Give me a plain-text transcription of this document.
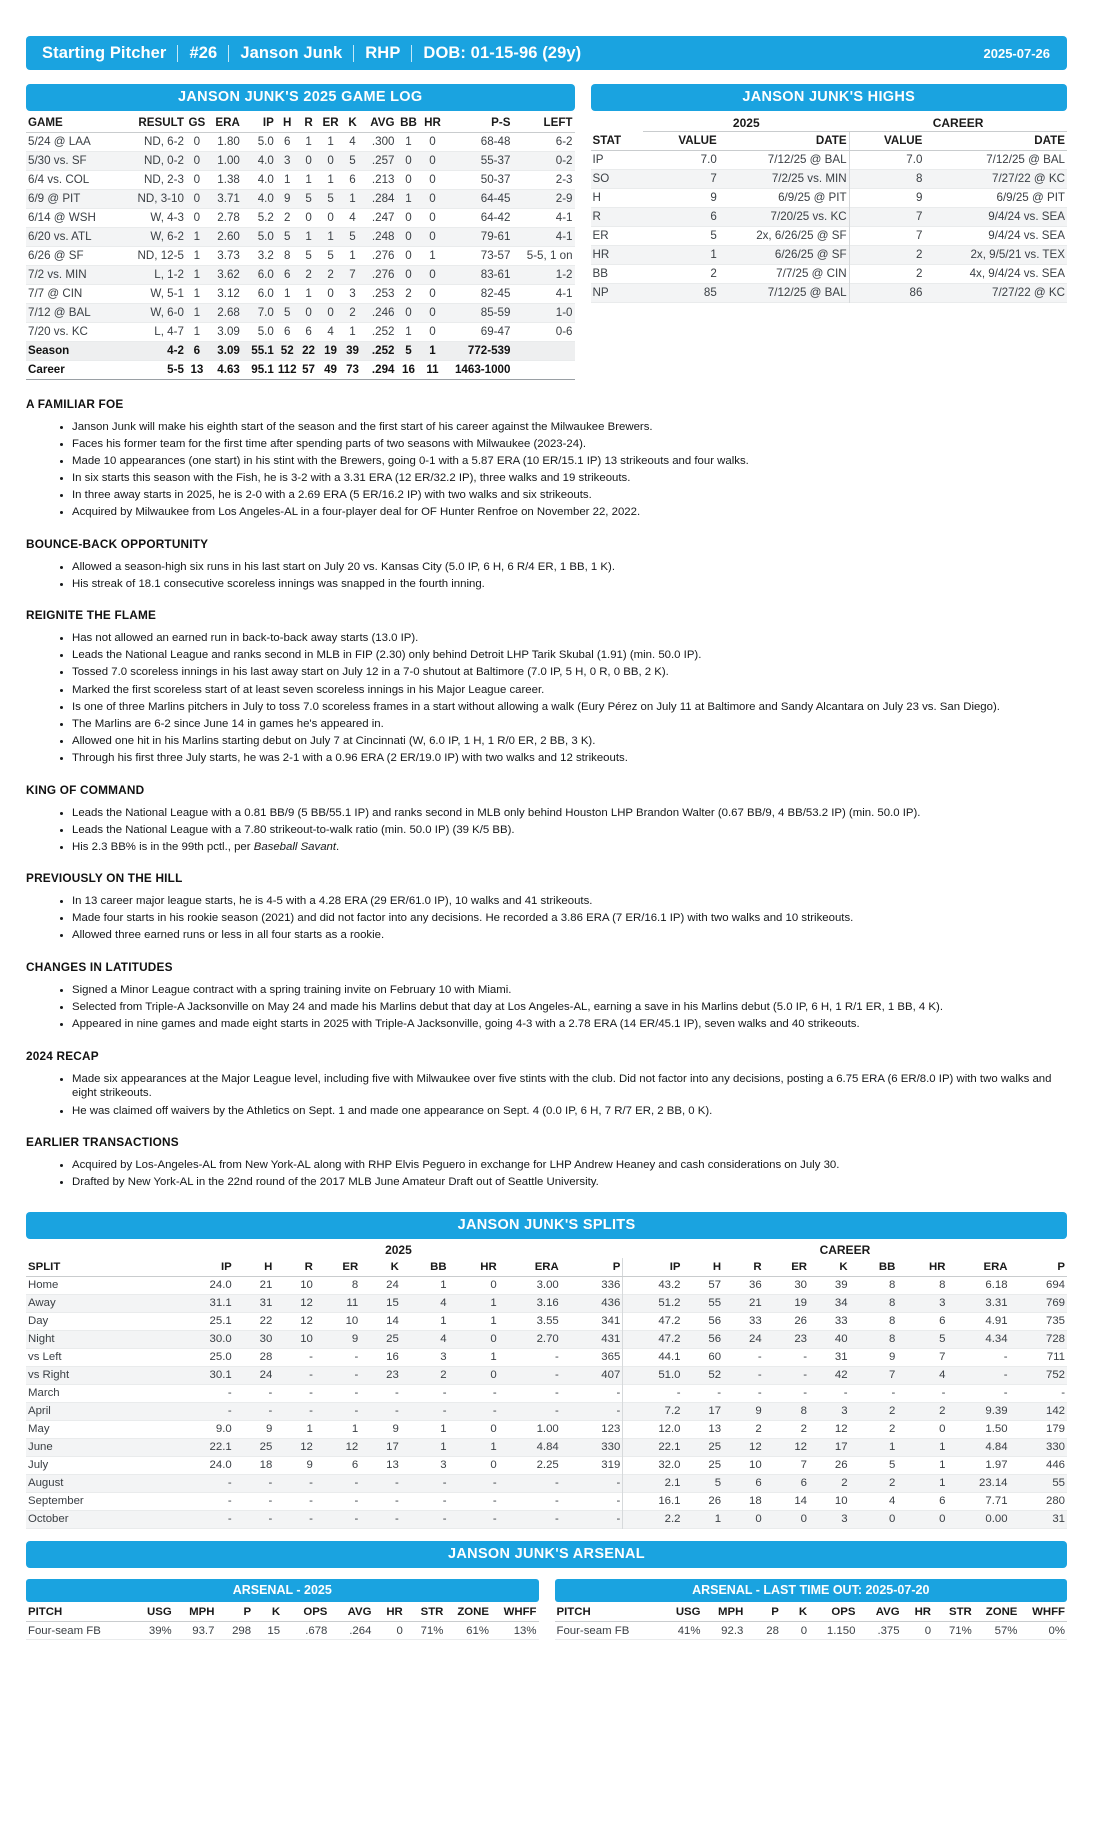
Starting Pitcher	#26	Janson Junk	RHP	DOB: 01-15-96 (29y)	2025-07-26
JANSON JUNK'S 2025 GAME LOG
GAME	RESULT	GS	ERA	IP	H	R	ER	K	AVG	BB	HR	P-S	LEFT
5/24 @ LAA	ND, 6-2	0	1.80	5.0	6	1	1	4	.300	1	0	68-48	6-2
5/30 vs. SF	ND, 0-2	0	1.00	4.0	3	0	0	5	.257	0	0	55-37	0-2
6/4 vs. COL	ND, 2-3	0	1.38	4.0	1	1	1	6	.213	0	0	50-37	2-3
6/9 @ PIT	ND, 3-10	0	3.71	4.0	9	5	5	1	.284	1	0	64-45	2-9
6/14 @ WSH	W, 4-3	0	2.78	5.2	2	0	0	4	.247	0	0	64-42	4-1
6/20 vs. ATL	W, 6-2	1	2.60	5.0	5	1	1	5	.248	0	0	79-61	4-1
6/26 @ SF	ND, 12-5	1	3.73	3.2	8	5	5	1	.276	0	1	73-57	5-5, 1 on
7/2 vs. MIN	L, 1-2	1	3.62	6.0	6	2	2	7	.276	0	0	83-61	1-2
7/7 @ CIN	W, 5-1	1	3.12	6.0	1	1	0	3	.253	2	0	82-45	4-1
7/12 @ BAL	W, 6-0	1	2.68	7.0	5	0	0	2	.246	0	0	85-59	1-0
7/20 vs. KC	L, 4-7	1	3.09	5.0	6	6	4	1	.252	1	0	69-47	0-6
Season	4-2	6	3.09	55.1	52	22	19	39	.252	5	1	772-539	
Career	5-5	13	4.63	95.1	112	57	49	73	.294	16	11	1463-1000	
JANSON JUNK'S HIGHS
	2025		CAREER	
STAT	VALUE	DATE	VALUE	DATE
IP	7.0	7/12/25 @ BAL	7.0	7/12/25 @ BAL
SO	7	7/2/25 vs. MIN	8	7/27/22 @ KC
H	9	6/9/25 @ PIT	9	6/9/25 @ PIT
R	6	7/20/25 vs. KC	7	9/4/24 vs. SEA
ER	5	2x, 6/26/25 @ SF	7	9/4/24 vs. SEA
HR	1	6/26/25 @ SF	2	2x, 9/5/21 vs. TEX
BB	2	7/7/25 @ CIN	2	4x, 9/4/24 vs. SEA
NP	85	7/12/25 @ BAL	86	7/27/22 @ KC
A FAMILIAR FOE
• Janson Junk will make his eighth start of the season and the first start of his career against the Milwaukee Brewers.
• Faces his former team for the first time after spending parts of two seasons with Milwaukee (2023-24).
• Made 10 appearances (one start) in his stint with the Brewers, going 0-1 with a 5.87 ERA (10 ER/15.1 IP) 13 strikeouts and four walks.
• In six starts this season with the Fish, he is 3-2 with a 3.31 ERA (12 ER/32.2 IP), three walks and 19 strikeouts.
• In three away starts in 2025, he is 2-0 with a 2.69 ERA (5 ER/16.2 IP) with two walks and six strikeouts.
• Acquired by Milwaukee from Los Angeles-AL in a four-player deal for OF Hunter Renfroe on November 22, 2022.
BOUNCE-BACK OPPORTUNITY
• Allowed a season-high six runs in his last start on July 20 vs. Kansas City (5.0 IP, 6 H, 6 R/4 ER, 1 BB, 1 K).
• His streak of 18.1 consecutive scoreless innings was snapped in the fourth inning.
REIGNITE THE FLAME
• Has not allowed an earned run in back-to-back away starts (13.0 IP).
• Leads the National League and ranks second in MLB in FIP (2.30) only behind Detroit LHP Tarik Skubal (1.91) (min. 50.0 IP).
• Tossed 7.0 scoreless innings in his last away start on July 12 in a 7-0 shutout at Baltimore (7.0 IP, 5 H, 0 R, 0 BB, 2 K).
• Marked the first scoreless start of at least seven scoreless innings in his Major League career.
• Is one of three Marlins pitchers in July to toss 7.0 scoreless frames in a start without allowing a walk (Eury Pérez on July 11 at Baltimore and Sandy Alcantara on July 23 vs. San Diego).
• The Marlins are 6-2 since June 14 in games he's appeared in.
• Allowed one hit in his Marlins starting debut on July 7 at Cincinnati (W, 6.0 IP, 1 H, 1 R/0 ER, 2 BB, 3 K).
• Through his first three July starts, he was 2-1 with a 0.96 ERA (2 ER/19.0 IP) with two walks and 12 strikeouts.
KING OF COMMAND
• Leads the National League with a 0.81 BB/9 (5 BB/55.1 IP) and ranks second in MLB only behind Houston LHP Brandon Walter (0.67 BB/9, 4 BB/53.2 IP) (min. 50.0 IP).
• Leads the National League with a 7.80 strikeout-to-walk ratio (min. 50.0 IP) (39 K/5 BB).
• His 2.3 BB% is in the 99th pctl., per Baseball Savant.
PREVIOUSLY ON THE HILL
• In 13 career major league starts, he is 4-5 with a 4.28 ERA (29 ER/61.0 IP), 10 walks and 41 strikeouts.
• Made four starts in his rookie season (2021) and did not factor into any decisions. He recorded a 3.86 ERA (7 ER/16.1 IP) with two walks and 10 strikeouts.
• Allowed three earned runs or less in all four starts as a rookie.
CHANGES IN LATITUDES
• Signed a Minor League contract with a spring training invite on February 10 with Miami.
• Selected from Triple-A Jacksonville on May 24 and made his Marlins debut that day at Los Angeles-AL, earning a save in his Marlins debut (5.0 IP, 6 H, 1 R/1 ER, 1 BB, 4 K).
• Appeared in nine games and made eight starts in 2025 with Triple-A Jacksonville, going 4-3 with a 2.78 ERA (14 ER/45.1 IP), seven walks and 40 strikeouts.
2024 RECAP
• Made six appearances at the Major League level, including five with Milwaukee over five stints with the club. Did not factor into any decisions, posting a 6.75 ERA (6 ER/8.0 IP) with two walks and eight strikeouts.
• He was claimed off waivers by the Athletics on Sept. 1 and made one appearance on Sept. 4 (0.0 IP, 6 H, 7 R/7 ER, 2 BB, 0 K).
EARLIER TRANSACTIONS
• Acquired by Los-Angeles-AL from New York-AL along with RHP Elvis Peguero in exchange for LHP Andrew Heaney and cash considerations on July 30.
• Drafted by New York-AL in the 22nd round of the 2017 MLB June Amateur Draft out of Seattle University.
JANSON JUNK'S SPLITS
	2025									CAREER								
SPLIT	IP	H	R	ER	K	BB	HR	ERA	P	IP	H	R	ER	K	BB	HR	ERA	P
Home	24.0	21	10	8	24	1	0	3.00	336	43.2	57	36	30	39	8	8	6.18	694
Away	31.1	31	12	11	15	4	1	3.16	436	51.2	55	21	19	34	8	3	3.31	769
Day	25.1	22	12	10	14	1	1	3.55	341	47.2	56	33	26	33	8	6	4.91	735
Night	30.0	30	10	9	25	4	0	2.70	431	47.2	56	24	23	40	8	5	4.34	728
vs Left	25.0	28	-	-	16	3	1	-	365	44.1	60	-	-	31	9	7	-	711
vs Right	30.1	24	-	-	23	2	0	-	407	51.0	52	-	-	42	7	4	-	752
March	-	-	-	-	-	-	-	-	-	-	-	-	-	-	-	-	-	-
April	-	-	-	-	-	-	-	-	-	7.2	17	9	8	3	2	2	9.39	142
May	9.0	9	1	1	9	1	0	1.00	123	12.0	13	2	2	12	2	0	1.50	179
June	22.1	25	12	12	17	1	1	4.84	330	22.1	25	12	12	17	1	1	4.84	330
July	24.0	18	9	6	13	3	0	2.25	319	32.0	25	10	7	26	5	1	1.97	446
August	-	-	-	-	-	-	-	-	-	2.1	5	6	6	2	2	1	23.14	55
September	-	-	-	-	-	-	-	-	-	16.1	26	18	14	10	4	6	7.71	280
October	-	-	-	-	-	-	-	-	-	2.2	1	0	0	3	0	0	0.00	31
JANSON JUNK'S ARSENAL
ARSENAL - 2025
PITCH	USG	MPH	P	K	OPS	AVG	HR	STR	ZONE	WHFF
Four-seam FB	39%	93.7	298	15	.678	.264	0	71%	61%	13%
ARSENAL - LAST TIME OUT: 2025-07-20
PITCH	USG	MPH	P	K	OPS	AVG	HR	STR	ZONE	WHFF
Four-seam FB	41%	92.3	28	0	1.150	.375	0	71%	57%	0%
